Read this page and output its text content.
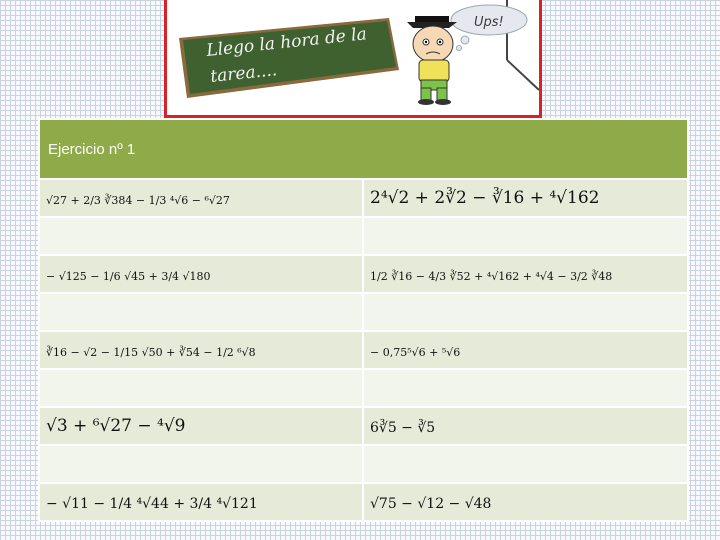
Llego la hora de la
tarea....
Ups!
Ejercicio nº 1	
√27 + 2/3 ∛384 − 1/3 ⁴√6 − ⁶√27	2⁴√2 + 2∛2 − ∛16 + ⁴√162

− √125 − 1/6 √45 + 3/4 √180	1/2 ∛16 − 4/3 ∛52 + ⁴√162 + ⁴√4 − 3/2 ∛48

∛16 − √2 − 1/15 √50 + ∛54 − 1/2 ⁶√8	− 0,75⁵√6 + ⁵√6

√3 + ⁶√27 − ⁴√9	6∛5 − ∛5

− √11 − 1/4 ⁴√44 + 3/4 ⁴√121	√75 − √12 − √48
